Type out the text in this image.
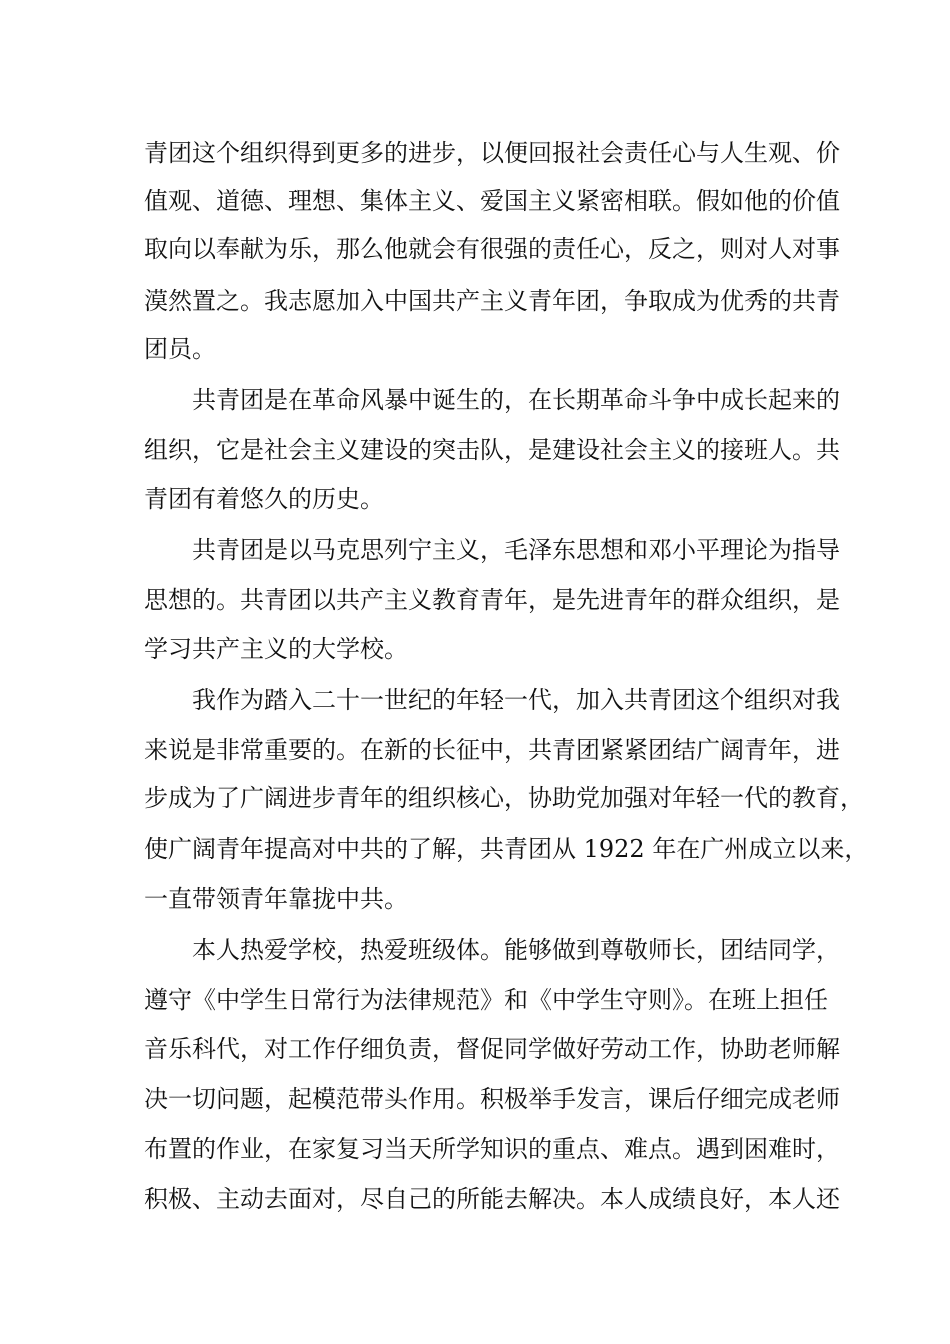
青团这个组织得到更多的进步，以便回报社会责任心与人生观、价
值观、道德、理想、集体主义、爱国主义紧密相联。假如他的价值
取向以奉献为乐，那么他就会有很强的责任心，反之，则对人对事
漠然置之。我志愿加入中国共产主义青年团，争取成为优秀的共青
团员。
共青团是在革命风暴中诞生的，在长期革命斗争中成长起来的
组织，它是社会主义建设的突击队，是建设社会主义的接班人。共
青团有着悠久的历史。
共青团是以马克思列宁主义，毛泽东思想和邓小平理论为指导
思想的。共青团以共产主义教育青年，是先进青年的群众组织，是
学习共产主义的大学校。
我作为踏入二十一世纪的年轻一代，加入共青团这个组织对我
来说是非常重要的。在新的长征中，共青团紧紧团结广阔青年，进
步成为了广阔进步青年的组织核心，协助党加强对年轻一代的教育，
使广阔青年提高对中共的了解，共青团从 1922 年在广州成立以来，
一直带领青年靠拢中共。
本人热爱学校，热爱班级体。能够做到尊敬师长，团结同学，
遵守《中学生日常行为法律规范》和《中学生守则》。在班上担任
音乐科代，对工作仔细负责，督促同学做好劳动工作，协助老师解
决一切问题，起模范带头作用。积极举手发言，课后仔细完成老师
布置的作业，在家复习当天所学知识的重点、难点。遇到困难时，
积极、主动去面对，尽自己的所能去解决。本人成绩良好，本人还
